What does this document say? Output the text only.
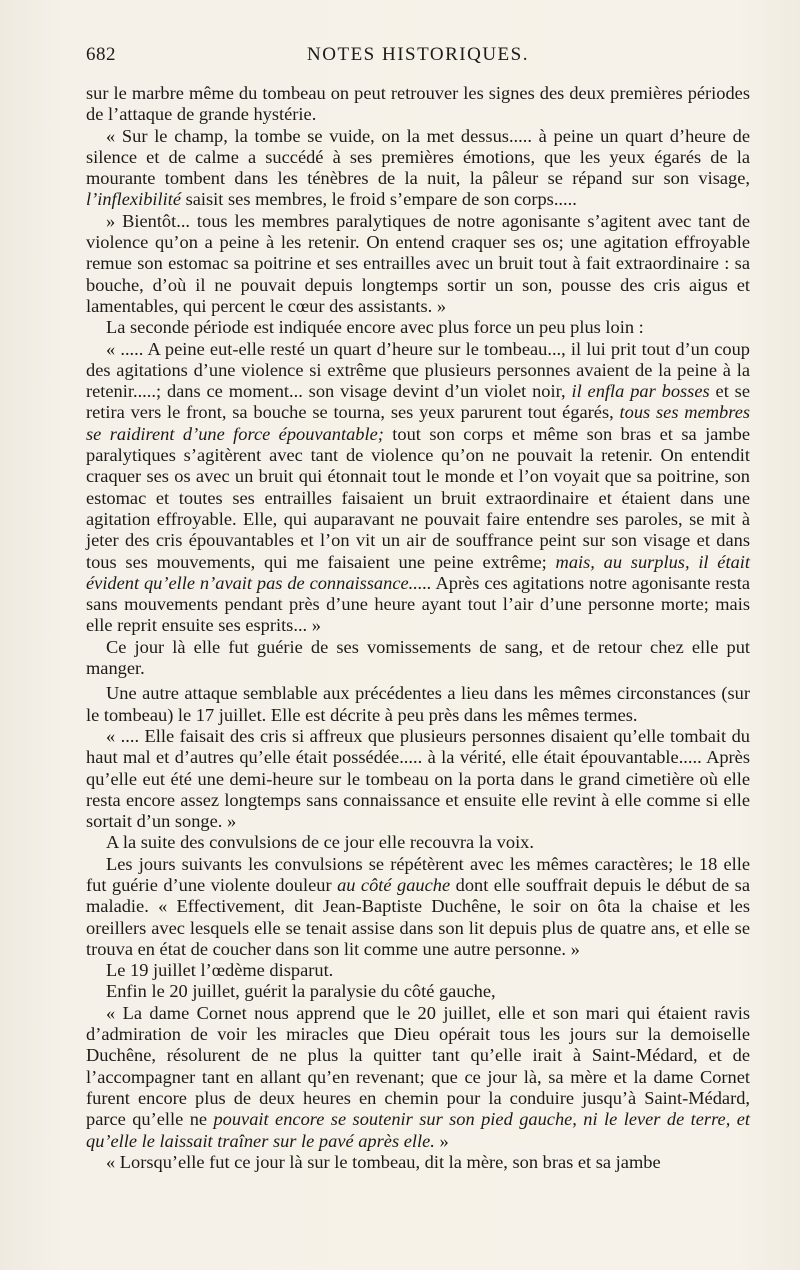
682	NOTES HISTORIQUES.

sur le marbre même du tombeau on peut retrouver les signes des deux premières périodes de l’attaque de grande hystérie.

« Sur le champ, la tombe se vuide, on la met dessus..... à peine un quart d’heure de silence et de calme a succédé à ses premières émotions, que les yeux égarés de la mourante tombent dans les ténèbres de la nuit, la pâleur se répand sur son visage, l’inflexibilité saisit ses membres, le froid s’empare de son corps.....

» Bientôt... tous les membres paralytiques de notre agonisante s’agitent avec tant de violence qu’on a peine à les retenir. On entend craquer ses os; une agitation effroyable remue son estomac sa poitrine et ses entrailles avec un bruit tout à fait extraordinaire : sa bouche, d’où il ne pouvait depuis longtemps sortir un son, pousse des cris aigus et lamentables, qui percent le cœur des assistants. »

La seconde période est indiquée encore avec plus force un peu plus loin :

« ..... A peine eut-elle resté un quart d’heure sur le tombeau..., il lui prit tout d’un coup des agitations d’une violence si extrême que plusieurs personnes avaient de la peine à la retenir.....; dans ce moment... son visage devint d’un violet noir, il enfla par bosses et se retira vers le front, sa bouche se tourna, ses yeux parurent tout égarés, tous ses membres se raidirent d’une force épouvantable; tout son corps et même son bras et sa jambe paralytiques s’agitèrent avec tant de violence qu’on ne pouvait la retenir. On entendit craquer ses os avec un bruit qui étonnait tout le monde et l’on voyait que sa poitrine, son estomac et toutes ses entrailles faisaient un bruit extraordinaire et étaient dans une agitation effroyable. Elle, qui auparavant ne pouvait faire entendre ses paroles, se mit à jeter des cris épouvantables et l’on vit un air de souffrance peint sur son visage et dans tous ses mouvements, qui me faisaient une peine extrême; mais, au surplus, il était évident qu’elle n’avait pas de connaissance..... Après ces agitations notre agonisante resta sans mouvements pendant près d’une heure ayant tout l’air d’une personne morte; mais elle reprit ensuite ses esprits... »

Ce jour là elle fut guérie de ses vomissements de sang, et de retour chez elle put manger.

Une autre attaque semblable aux précédentes a lieu dans les mêmes circonstances (sur le tombeau) le 17 juillet. Elle est décrite à peu près dans les mêmes termes.

« .... Elle faisait des cris si affreux que plusieurs personnes disaient qu’elle tombait du haut mal et d’autres qu’elle était possédée..... à la vérité, elle était épouvantable..... Après qu’elle eut été une demi-heure sur le tombeau on la porta dans le grand cimetière où elle resta encore assez longtemps sans connaissance et ensuite elle revint à elle comme si elle sortait d’un songe. »

A la suite des convulsions de ce jour elle recouvra la voix.

Les jours suivants les convulsions se répétèrent avec les mêmes caractères; le 18 elle fut guérie d’une violente douleur au côté gauche dont elle souffrait depuis le début de sa maladie. « Effectivement, dit Jean-Baptiste Duchêne, le soir on ôta la chaise et les oreillers avec lesquels elle se tenait assise dans son lit depuis plus de quatre ans, et elle se trouva en état de coucher dans son lit comme une autre personne. »

Le 19 juillet l’œdème disparut.

Enfin le 20 juillet, guérit la paralysie du côté gauche,

« La dame Cornet nous apprend que le 20 juillet, elle et son mari qui étaient ravis d’admiration de voir les miracles que Dieu opérait tous les jours sur la demoiselle Duchêne, résolurent de ne plus la quitter tant qu’elle irait à Saint-Médard, et de l’accompagner tant en allant qu’en revenant; que ce jour là, sa mère et la dame Cornet furent encore plus de deux heures en chemin pour la conduire jusqu’à Saint-Médard, parce qu’elle ne pouvait encore se soutenir sur son pied gauche, ni le lever de terre, et qu’elle le laissait traîner sur le pavé après elle. »

« Lorsqu’elle fut ce jour là sur le tombeau, dit la mère, son bras et sa jambe
